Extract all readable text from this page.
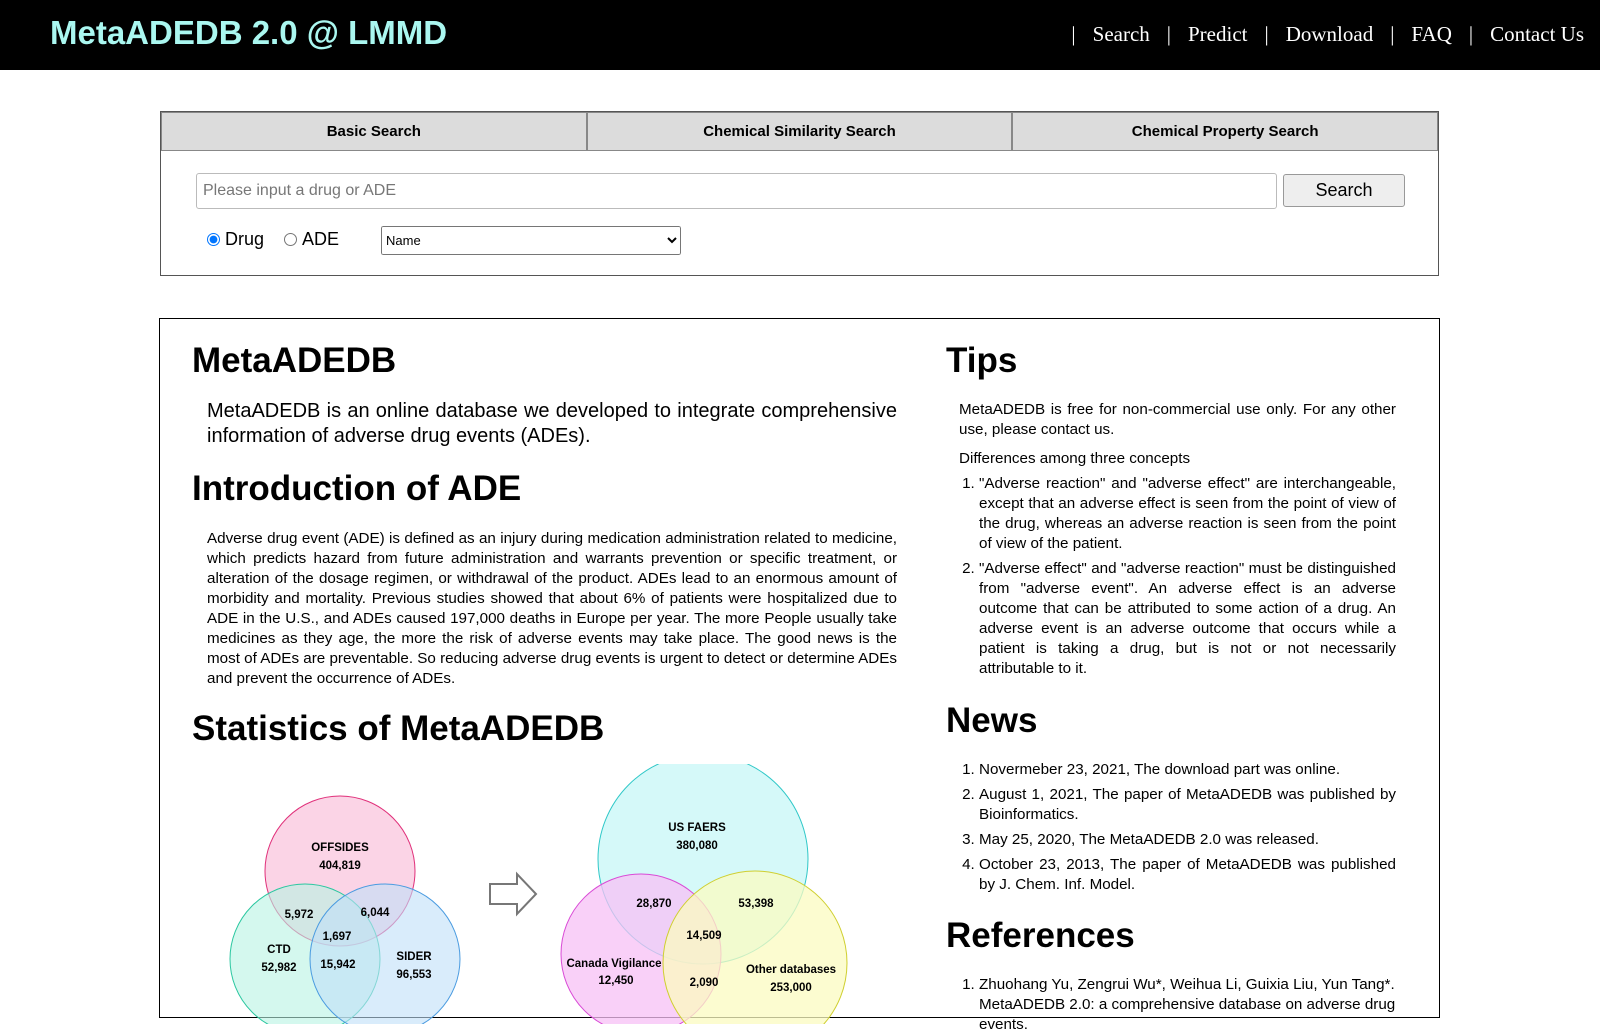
MetaADEDB 2.0 @ LMMD	| Search | Predict | Download | FAQ | Contact Us
Basic Search	Chemical Similarity Search	Chemical Property Search
Please input a drug or ADE
Search
Drug ADE
Name
MetaADEDB

MetaADEDB is an online database we developed to integrate comprehensive information of adverse drug events (ADEs).

Introduction of ADE

Adverse drug event (ADE) is defined as an injury during medication administration related to medicine, which predicts hazard from future administration and warrants prevention or specific treatment, or alteration of the dosage regimen, or withdrawal of the product. ADEs lead to an enormous amount of morbidity and mortality. Previous studies showed that about 6% of patients were hospitalized due to ADE in the U.S., and ADEs caused 197,000 deaths in Europe per year. The more People usually take medicines as they age, the more the risk of adverse events may take place. The good news is the most of ADEs are preventable. So reducing adverse drug events is urgent to detect or determine ADEs and prevent the occurrence of ADEs.

Statistics of MetaADEDB
OFFSIDES
404,819
5,972	6,044
1,697
15,942
CTD
52,982
SIDER
96,553
US FAERS
380,080
28,870	53,398
14,509
Canada Vigilance
12,450	2,090
Other databases
253,000
Tips

MetaADEDB is free for non-commercial use only. For any other use, please contact us.

Differences among three concepts
1. "Adverse reaction" and "adverse effect" are interchangeable, except that an adverse effect is seen from the point of view of the drug, whereas an adverse reaction is seen from the point of view of the patient.
2. "Adverse effect" and "adverse reaction" must be distinguished from "adverse event". An adverse effect is an adverse outcome that can be attributed to some action of a drug. An adverse event is an adverse outcome that occurs while a patient is taking a drug, but is not or not necessarily attributable to it.
News
1. Novermeber 23, 2021, The download part was online.
2. August 1, 2021, The paper of MetaADEDB was published by Bioinformatics.
3. May 25, 2020, The MetaADEDB 2.0 was released.
4. October 23, 2013, The paper of MetaADEDB was published by J. Chem. Inf. Model.
References
1. Zhuohang Yu, Zengrui Wu*, Weihua Li, Guixia Liu, Yun Tang*. MetaADEDB 2.0: a comprehensive database on adverse drug events.
